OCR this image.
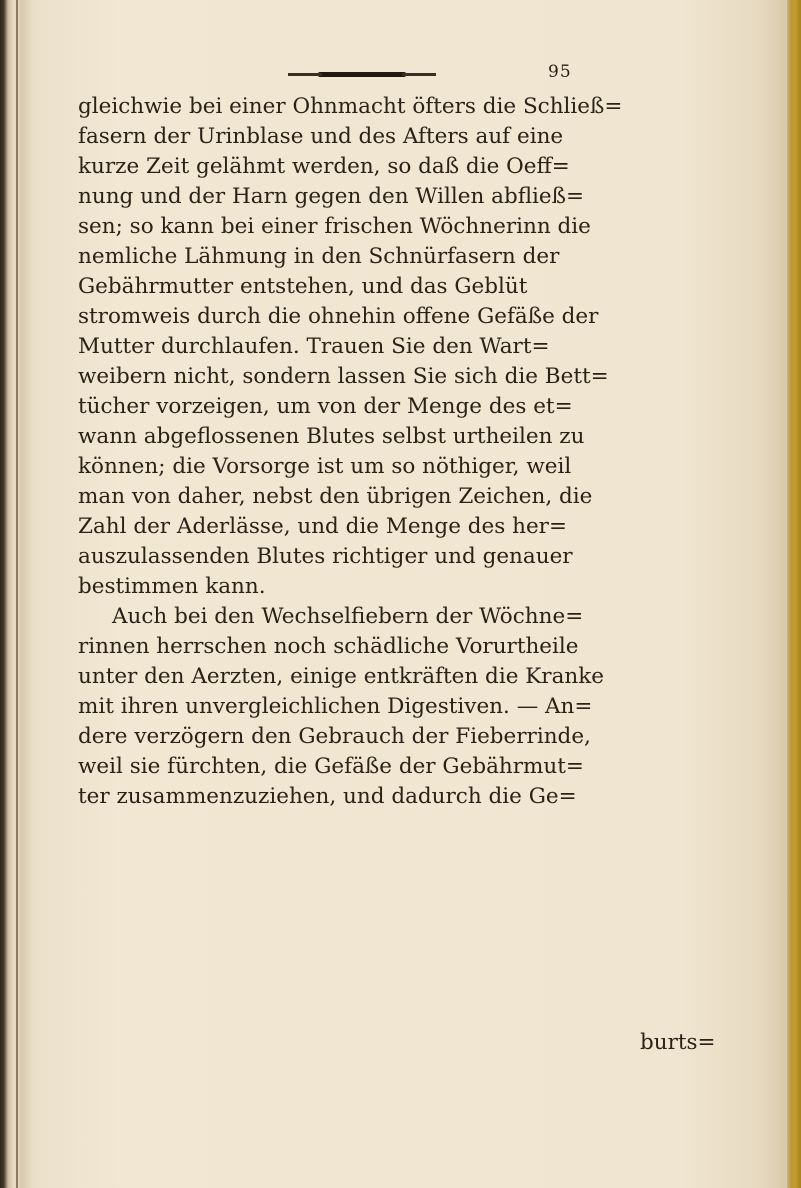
95
gleichwie bei einer Ohnmacht öfters die Schließ=
fasern der Urinblase und des Afters auf eine
kurze Zeit gelähmt werden, so daß die Oeff=
nung und der Harn gegen den Willen abfließ=
sen; so kann bei einer frischen Wöchnerinn die
nemliche Lähmung in den Schnürfasern der
Gebährmutter entstehen, und das Geblüt
stromweis durch die ohnehin offene Gefäße der
Mutter durchlaufen. Trauen Sie den Wart=
weibern nicht, sondern lassen Sie sich die Bett=
tücher vorzeigen, um von der Menge des et=
wann abgeflossenen Blutes selbst urtheilen zu
können; die Vorsorge ist um so nöthiger, weil
man von daher, nebst den übrigen Zeichen, die
Zahl der Aderlässe, und die Menge des her=
auszulassenden Blutes richtiger und genauer
bestimmen kann.
Auch bei den Wechselfiebern der Wöchne=
rinnen herrschen noch schädliche Vorurtheile
unter den Aerzten, einige entkräften die Kranke
mit ihren unvergleichlichen Digestiven. — An=
dere verzögern den Gebrauch der Fieberrinde,
weil sie fürchten, die Gefäße der Gebährmut=
ter zusammenzuziehen, und dadurch die Ge=
burts=
